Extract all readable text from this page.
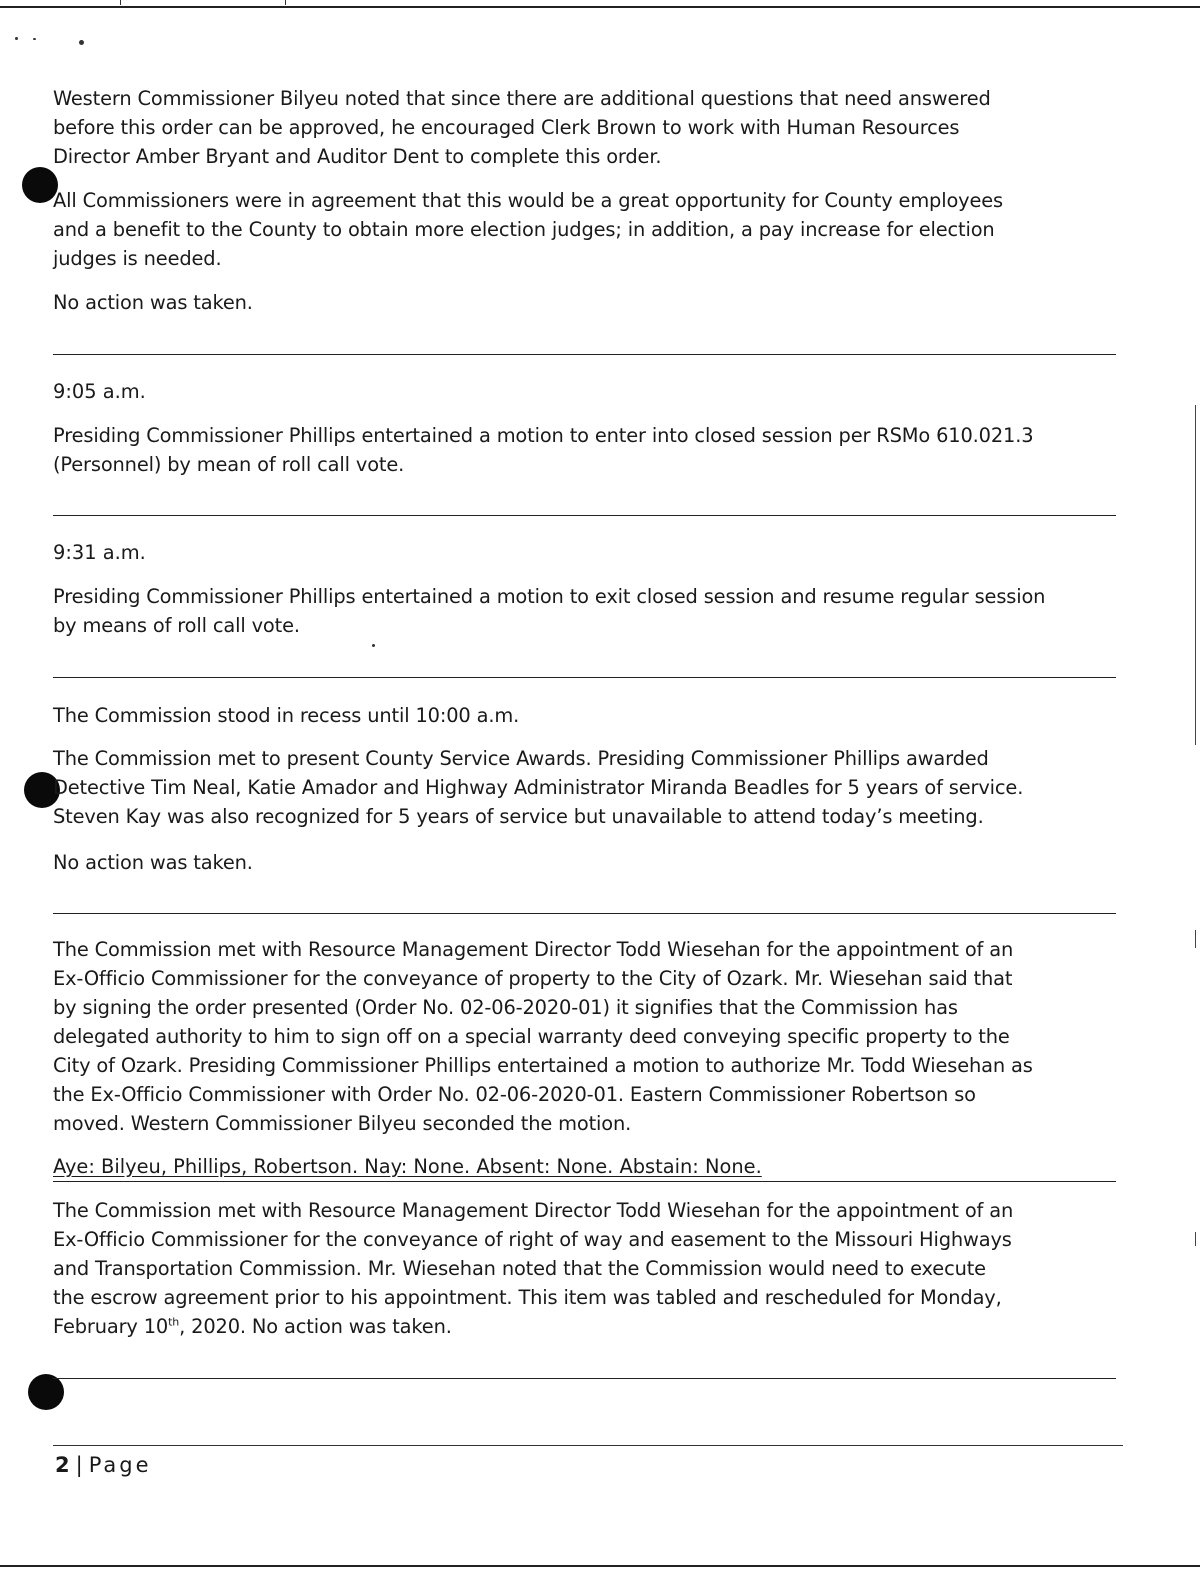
Western Commissioner Bilyeu noted that since there are additional questions that need answered
before this order can be approved, he encouraged Clerk Brown to work with Human Resources
Director Amber Bryant and Auditor Dent to complete this order.

All Commissioners were in agreement that this would be a great opportunity for County employees
and a benefit to the County to obtain more election judges; in addition, a pay increase for election
judges is needed.

No action was taken.

9:05 a.m.

Presiding Commissioner Phillips entertained a motion to enter into closed session per RSMo 610.021.3
(Personnel) by mean of roll call vote.

9:31 a.m.

Presiding Commissioner Phillips entertained a motion to exit closed session and resume regular session
by means of roll call vote.

The Commission stood in recess until 10:00 a.m.

The Commission met to present County Service Awards. Presiding Commissioner Phillips awarded
Detective Tim Neal, Katie Amador and Highway Administrator Miranda Beadles for 5 years of service.
Steven Kay was also recognized for 5 years of service but unavailable to attend today’s meeting.

No action was taken.

The Commission met with Resource Management Director Todd Wiesehan for the appointment of an
Ex-Officio Commissioner for the conveyance of property to the City of Ozark. Mr. Wiesehan said that
by signing the order presented (Order No. 02-06-2020-01) it signifies that the Commission has
delegated authority to him to sign off on a special warranty deed conveying specific property to the
City of Ozark. Presiding Commissioner Phillips entertained a motion to authorize Mr. Todd Wiesehan as
the Ex-Officio Commissioner with Order No. 02-06-2020-01. Eastern Commissioner Robertson so
moved. Western Commissioner Bilyeu seconded the motion.

Aye: Bilyeu, Phillips, Robertson. Nay: None. Absent: None. Abstain: None.

The Commission met with Resource Management Director Todd Wiesehan for the appointment of an
Ex-Officio Commissioner for the conveyance of right of way and easement to the Missouri Highways
and Transportation Commission. Mr. Wiesehan noted that the Commission would need to execute
the escrow agreement prior to his appointment. This item was tabled and rescheduled for Monday,
February 10th, 2020. No action was taken.

2 | Page
